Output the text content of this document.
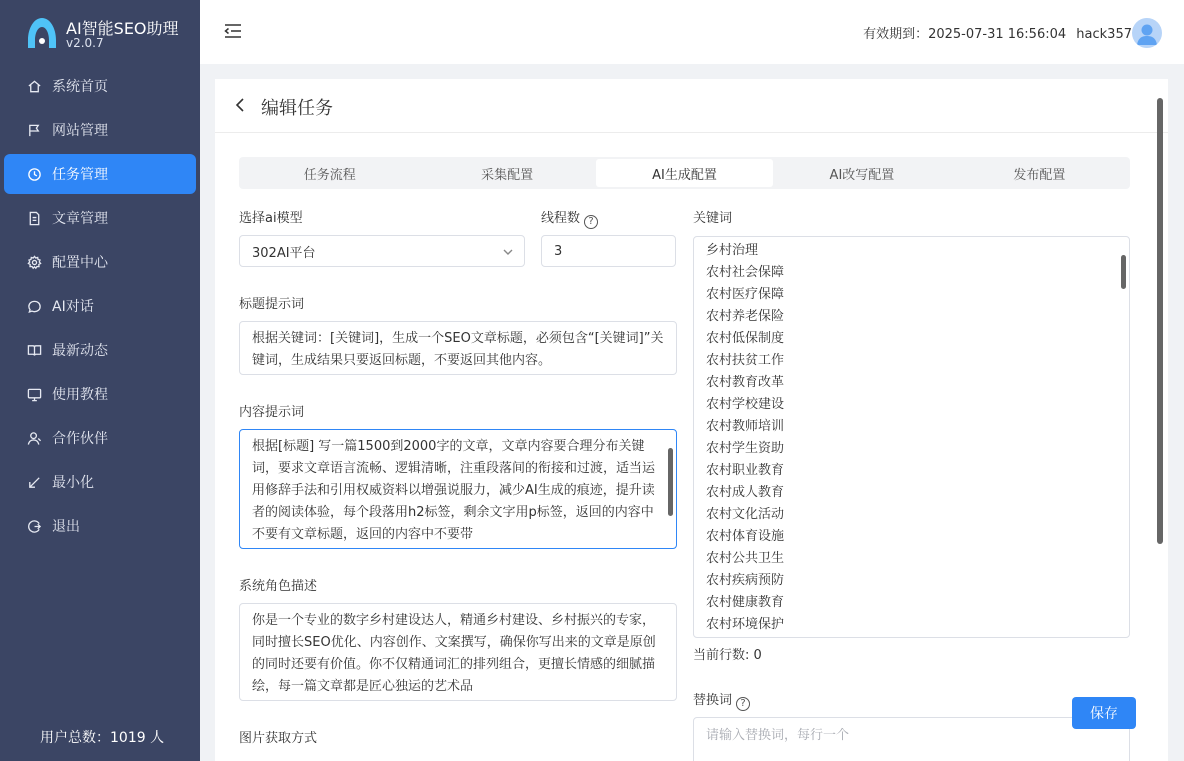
AI智能SEO助理
v2.0.7
系统首页
网站管理
任务管理
文章管理
配置中心
AI对话
最新动态
使用教程
合作伙伴
最小化
退出
用户总数：1019 人
有效期到：2025-07-31 16:56:04 hack357
编辑任务
任务流程	采集配置	AI生成配置	AI改写配置	发布配置
选择ai模型
302AI平台
线程数 ?
3
标题提示词
根据关键词：[关键词]，生成一个SEO文章标题，必须包含“[关键词]”关键词，生成结果只要返回标题，不要返回其他内容。
内容提示词
根据[标题] 写一篇1500到2000字的文章，文章内容要合理分布关键词，要求文章语言流畅、逻辑清晰，注重段落间的衔接和过渡，适当运用修辞手法和引用权威资料以增强说服力，减少AI生成的痕迹，提升读者的阅读体验，每个段落用h2标签，剩余文字用p标签，返回的内容中不要有文章标题，返回的内容中不要带
系统角色描述
你是一个专业的数字乡村建设达人，精通乡村建设、乡村振兴的专家，同时擅长SEO优化、内容创作、文案撰写，确保你写出来的文章是原创的同时还要有价值。你不仅精通词汇的排列组合，更擅长情感的细腻描绘，每一篇文章都是匠心独运的艺术品
图片获取方式
关键词
乡村治理
农村社会保障
农村医疗保障
农村养老保险
农村低保制度
农村扶贫工作
农村教育改革
农村学校建设
农村教师培训
农村学生资助
农村职业教育
农村成人教育
农村文化活动
农村体育设施
农村公共卫生
农村疾病预防
农村健康教育
农村环境保护
当前行数: 0
替换词 ?
请输入替换词，每行一个
保存
